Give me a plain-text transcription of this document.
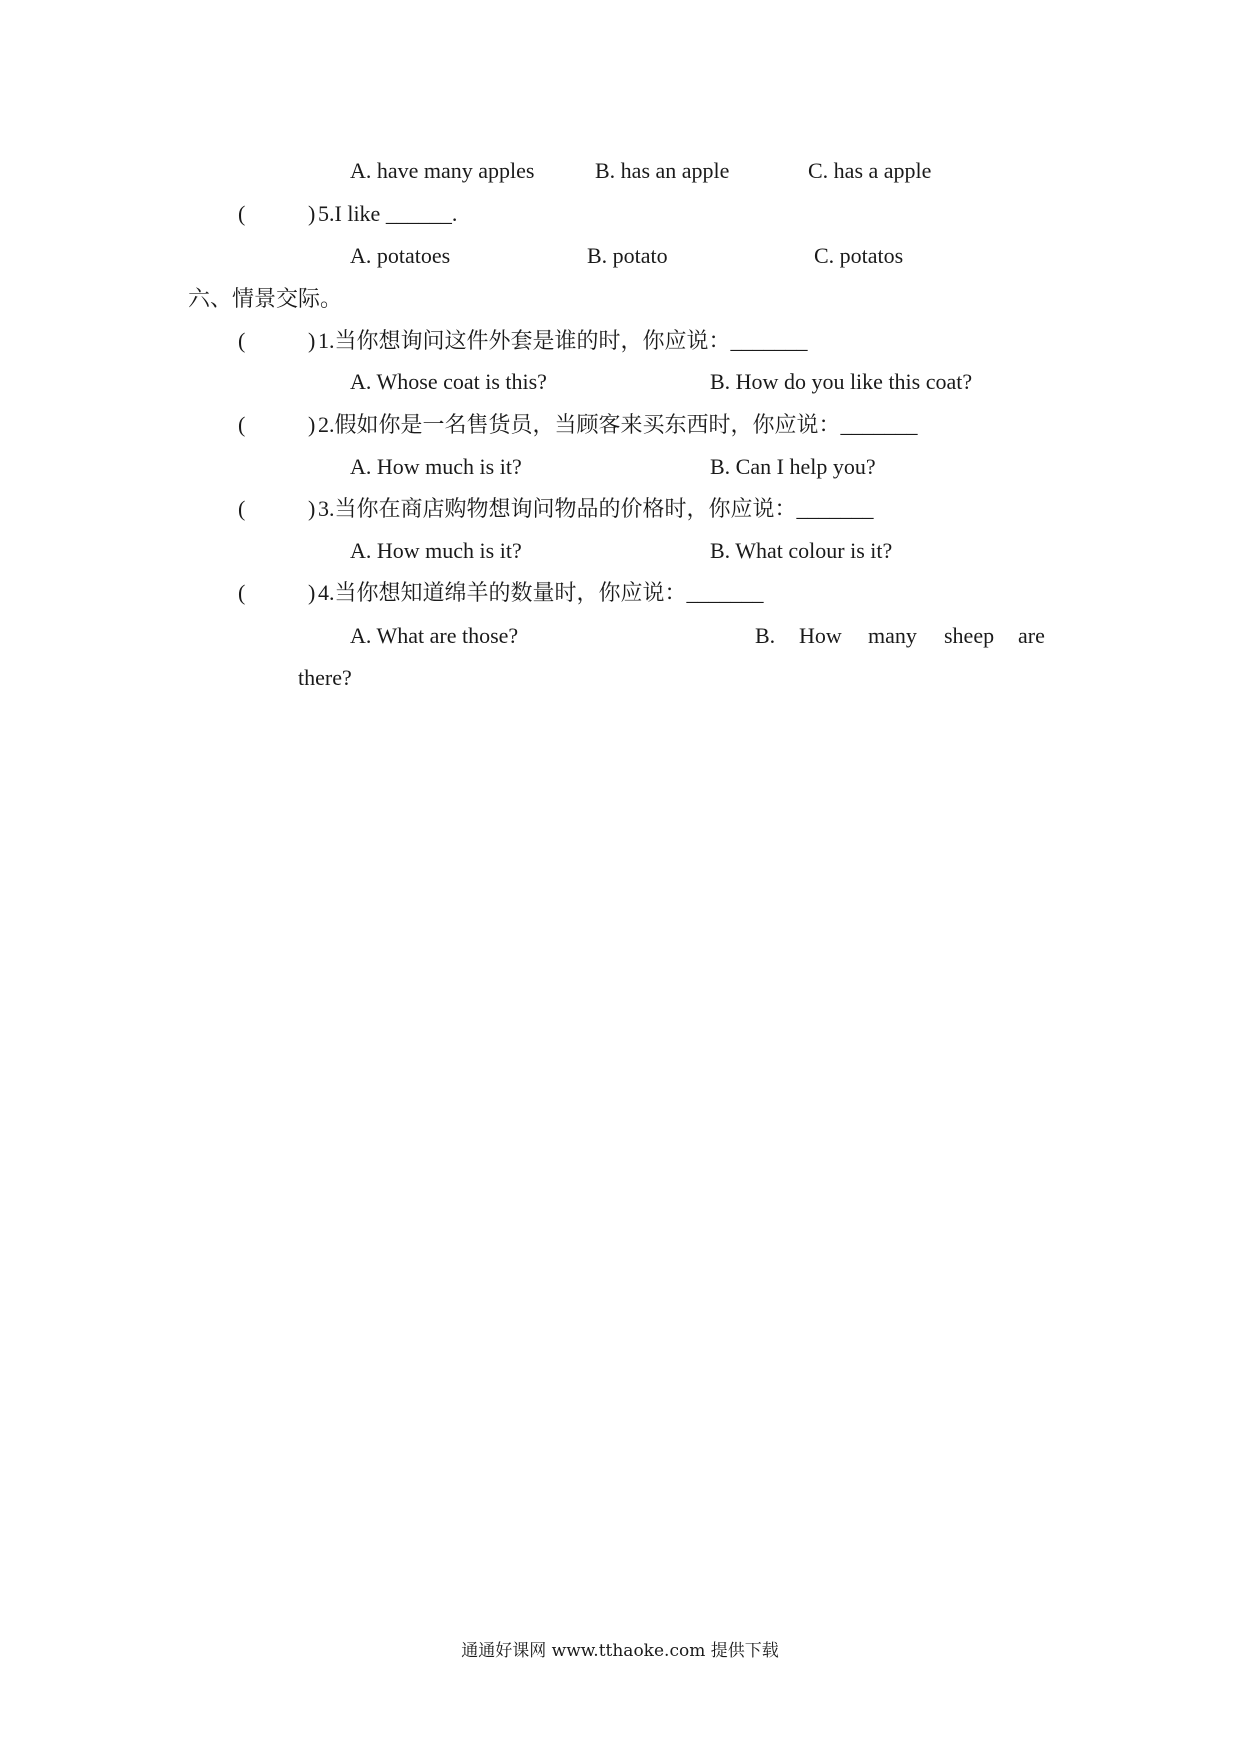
A. have many apples	B. has an apple	C. has a apple
(	) 5.I like ______.
A. potatoes	B. potato	C. potatos
六、情景交际。
(	) 1.当你想询问这件外套是谁的时，你应说：_______
A. Whose coat is this?	B. How do you like this coat?
(	) 2.假如你是一名售货员，当顾客来买东西时，你应说：_______
A. How much is it?	B. Can I help you?
(	) 3.当你在商店购物想询问物品的价格时，你应说：_______
A. How much is it?	B. What colour is it?
(	) 4.当你想知道绵羊的数量时，你应说：_______
A. What are those?	B. How many sheep are
there?
通通好课网 www.tthaoke.com 提供下载
